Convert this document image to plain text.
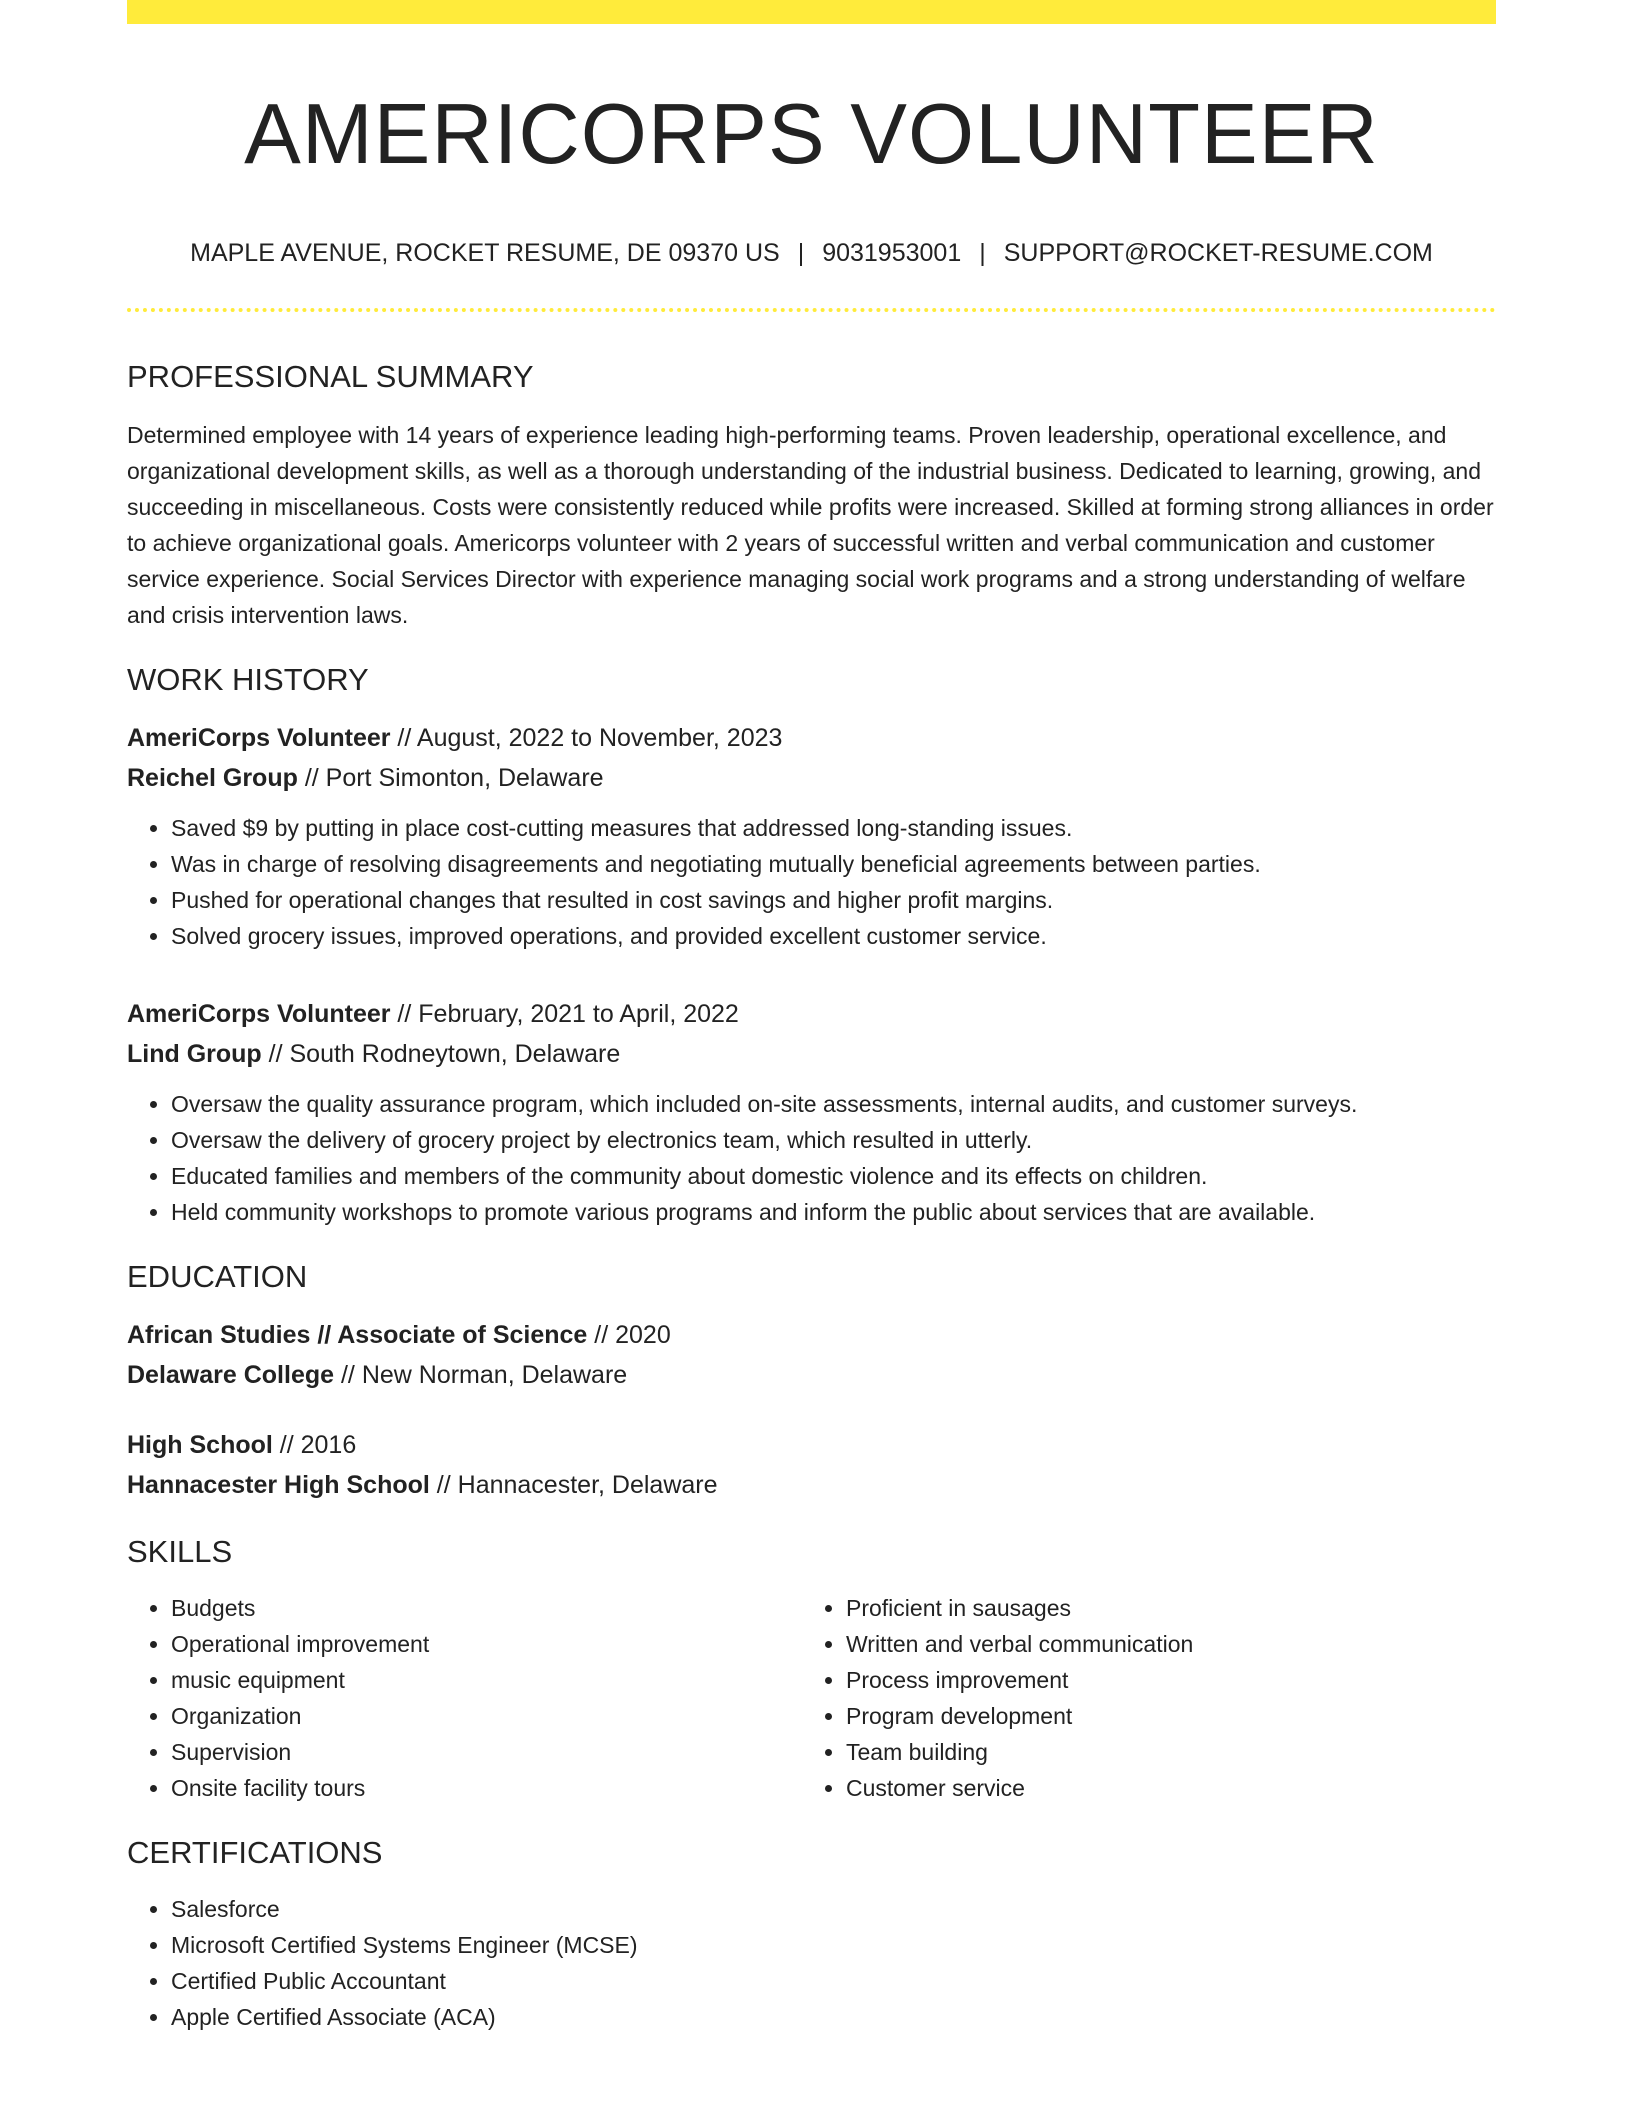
AMERICORPS VOLUNTEER
MAPLE AVENUE, ROCKET RESUME, DE 09370 US | 9031953001 | SUPPORT@ROCKET-RESUME.COM
PROFESSIONAL SUMMARY
Determined employee with 14 years of experience leading high-performing teams. Proven leadership, operational excellence, and organizational development skills, as well as a thorough understanding of the industrial business. Dedicated to learning, growing, and succeeding in miscellaneous. Costs were consistently reduced while profits were increased. Skilled at forming strong alliances in order to achieve organizational goals. Americorps volunteer with 2 years of successful written and verbal communication and customer service experience. Social Services Director with experience managing social work programs and a strong understanding of welfare and crisis intervention laws.
WORK HISTORY
AmeriCorps Volunteer // August, 2022 to November, 2023
Reichel Group // Port Simonton, Delaware
• Saved $9 by putting in place cost-cutting measures that addressed long-standing issues.
• Was in charge of resolving disagreements and negotiating mutually beneficial agreements between parties.
• Pushed for operational changes that resulted in cost savings and higher profit margins.
• Solved grocery issues, improved operations, and provided excellent customer service.
AmeriCorps Volunteer // February, 2021 to April, 2022
Lind Group // South Rodneytown, Delaware
• Oversaw the quality assurance program, which included on-site assessments, internal audits, and customer surveys.
• Oversaw the delivery of grocery project by electronics team, which resulted in utterly.
• Educated families and members of the community about domestic violence and its effects on children.
• Held community workshops to promote various programs and inform the public about services that are available.
EDUCATION
African Studies // Associate of Science // 2020
Delaware College // New Norman, Delaware
High School // 2016
Hannacester High School // Hannacester, Delaware
SKILLS
• Budgets
• Operational improvement
• music equipment
• Organization
• Supervision
• Onsite facility tours
• Proficient in sausages
• Written and verbal communication
• Process improvement
• Program development
• Team building
• Customer service
CERTIFICATIONS
• Salesforce
• Microsoft Certified Systems Engineer (MCSE)
• Certified Public Accountant
• Apple Certified Associate (ACA)
